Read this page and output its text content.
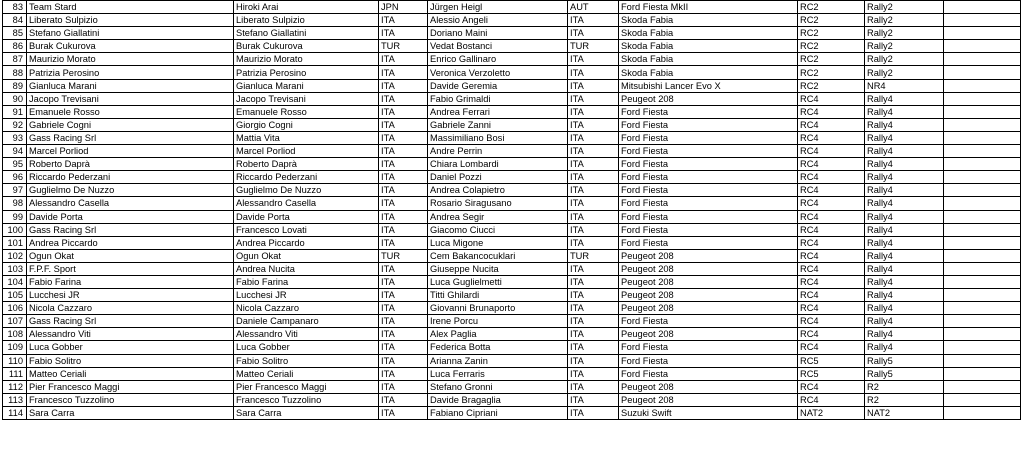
83	Team Stard	Hiroki Arai	JPN	Jürgen Heigl	AUT	Ford Fiesta MkII	RC2	Rally2	
84	Liberato Sulpizio	Liberato Sulpizio	ITA	Alessio Angeli	ITA	Skoda Fabia	RC2	Rally2	
85	Stefano Giallatini	Stefano Giallatini	ITA	Doriano Maini	ITA	Skoda Fabia	RC2	Rally2	
86	Burak Cukurova	Burak Cukurova	TUR	Vedat Bostanci	TUR	Skoda Fabia	RC2	Rally2	
87	Maurizio Morato	Maurizio Morato	ITA	Enrico Gallinaro	ITA	Skoda Fabia	RC2	Rally2	
88	Patrizia Perosino	Patrizia Perosino	ITA	Veronica Verzoletto	ITA	Skoda Fabia	RC2	Rally2	
89	Gianluca Marani	Gianluca Marani	ITA	Davide Geremia	ITA	Mitsubishi Lancer Evo X	RC2	NR4	
90	Jacopo Trevisani	Jacopo Trevisani	ITA	Fabio Grimaldi	ITA	Peugeot 208	RC4	Rally4	
91	Emanuele Rosso	Emanuele Rosso	ITA	Andrea Ferrari	ITA	Ford Fiesta	RC4	Rally4	
92	Gabriele Cogni	Giorgio Cogni	ITA	Gabriele Zanni	ITA	Ford Fiesta	RC4	Rally4	
93	Gass Racing Srl	Mattia Vita	ITA	Massimiliano Bosi	ITA	Ford Fiesta	RC4	Rally4	
94	Marcel Porliod	Marcel Porliod	ITA	Andre Perrin	ITA	Ford Fiesta	RC4	Rally4	
95	Roberto Daprà	Roberto Daprà	ITA	Chiara Lombardi	ITA	Ford Fiesta	RC4	Rally4	
96	Riccardo Pederzani	Riccardo Pederzani	ITA	Daniel Pozzi	ITA	Ford Fiesta	RC4	Rally4	
97	Guglielmo De Nuzzo	Guglielmo De Nuzzo	ITA	Andrea Colapietro	ITA	Ford Fiesta	RC4	Rally4	
98	Alessandro Casella	Alessandro Casella	ITA	Rosario Siragusano	ITA	Ford Fiesta	RC4	Rally4	
99	Davide Porta	Davide Porta	ITA	Andrea Segir	ITA	Ford Fiesta	RC4	Rally4	
100	Gass Racing Srl	Francesco Lovati	ITA	Giacomo Ciucci	ITA	Ford Fiesta	RC4	Rally4	
101	Andrea Piccardo	Andrea Piccardo	ITA	Luca Migone	ITA	Ford Fiesta	RC4	Rally4	
102	Ogun Okat	Ogun Okat	TUR	Cem Bakancocuklari	TUR	Peugeot 208	RC4	Rally4	
103	F.P.F. Sport	Andrea Nucita	ITA	Giuseppe Nucita	ITA	Peugeot 208	RC4	Rally4	
104	Fabio Farina	Fabio Farina	ITA	Luca Guglielmetti	ITA	Peugeot 208	RC4	Rally4	
105	Lucchesi JR	Lucchesi JR	ITA	Titti Ghilardi	ITA	Peugeot 208	RC4	Rally4	
106	Nicola Cazzaro	Nicola Cazzaro	ITA	Giovanni Brunaporto	ITA	Peugeot 208	RC4	Rally4	
107	Gass Racing Srl	Daniele Campanaro	ITA	Irene Porcu	ITA	Ford Fiesta	RC4	Rally4	
108	Alessandro Viti	Alessandro Viti	ITA	Alex Paglia	ITA	Peugeot 208	RC4	Rally4	
109	Luca Gobber	Luca Gobber	ITA	Federica Botta	ITA	Ford Fiesta	RC4	Rally4	
110	Fabio Solitro	Fabio Solitro	ITA	Arianna Zanin	ITA	Ford Fiesta	RC5	Rally5	
111	Matteo Ceriali	Matteo Ceriali	ITA	Luca Ferraris	ITA	Ford Fiesta	RC5	Rally5	
112	Pier Francesco Maggi	Pier Francesco Maggi	ITA	Stefano Gronni	ITA	Peugeot 208	RC4	R2	
113	Francesco Tuzzolino	Francesco Tuzzolino	ITA	Davide Bragaglia	ITA	Peugeot 208	RC4	R2	
114	Sara Carra	Sara Carra	ITA	Fabiano Cipriani	ITA	Suzuki Swift	NAT2	NAT2	
